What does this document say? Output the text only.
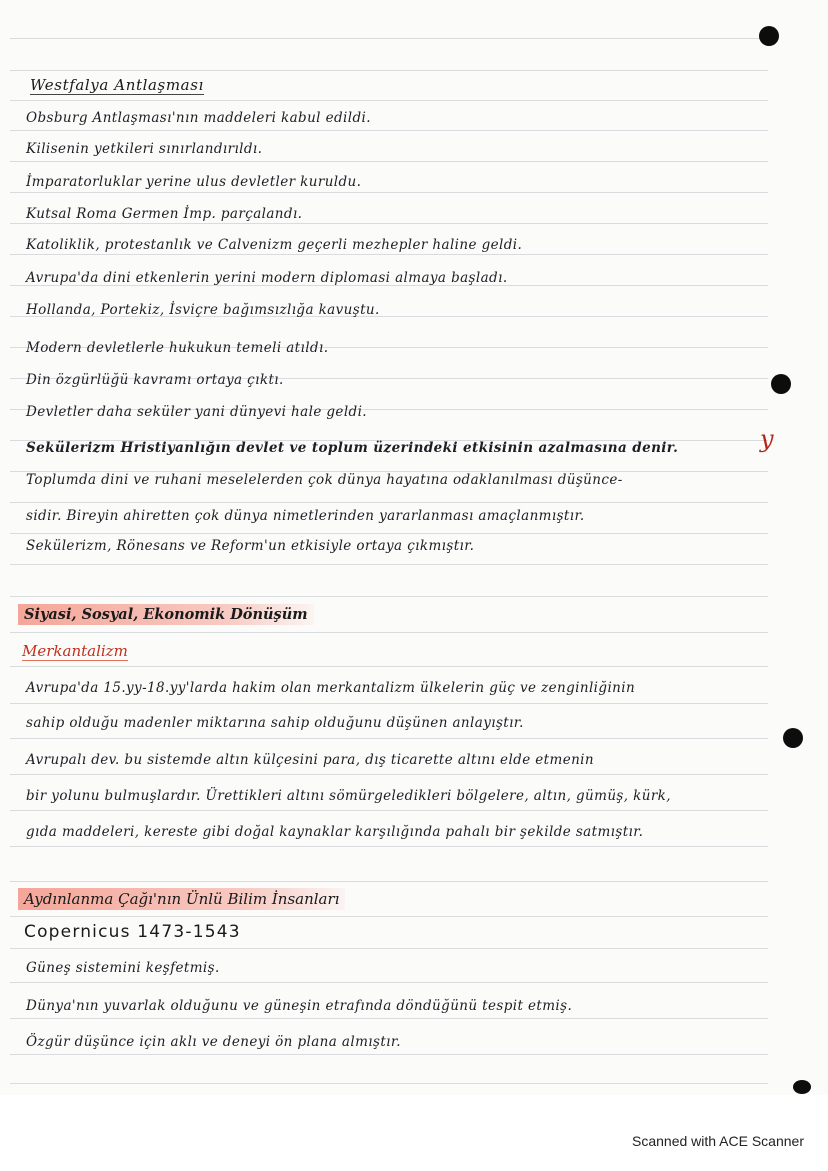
Westfalya Antlaşması
Obsburg Antlaşması'nın maddeleri kabul edildi.
Kilisenin yetkileri sınırlandırıldı.
İmparatorluklar yerine ulus devletler kuruldu.
Kutsal Roma Germen İmp. parçalandı.
Katoliklik, protestanlık ve Calvenizm geçerli mezhepler haline geldi.
Avrupa'da dini etkenlerin yerini modern diplomasi almaya başladı.
Hollanda, Portekiz, İsviçre bağımsızlığa kavuştu.
Modern devletlerle hukukun temeli atıldı.
Din özgürlüğü kavramı ortaya çıktı.
Devletler daha seküler yani dünyevi hale geldi.
Sekülerizm Hristiyanlığın devlet ve toplum üzerindeki etkisinin azalmasına denir.
Toplumda dini ve ruhani meselelerden çok dünya hayatına odaklanılması düşünce-
sidir. Bireyin ahiretten çok dünya nimetlerinden yararlanması amaçlanmıştır.
Sekülerizm, Rönesans ve Reform'un etkisiyle ortaya çıkmıştır.
y
Siyasi, Sosyal, Ekonomik Dönüşüm
Merkantalizm
Avrupa'da 15.yy-18.yy'larda hakim olan merkantalizm ülkelerin güç ve zenginliğinin
sahip olduğu madenler miktarına sahip olduğunu düşünen anlayıştır.
Avrupalı dev. bu sistemde altın külçesini para, dış ticarette altını elde etmenin
bir yolunu bulmuşlardır. Ürettikleri altını sömürgeledikleri bölgelere, altın, gümüş, kürk,
gıda maddeleri, kereste gibi doğal kaynaklar karşılığında pahalı bir şekilde satmıştır.
Aydınlanma Çağı'nın Ünlü Bilim İnsanları
Copernicus 1473-1543
Güneş sistemini keşfetmiş.
Dünya'nın yuvarlak olduğunu ve güneşin etrafında döndüğünü tespit etmiş.
Özgür düşünce için aklı ve deneyi ön plana almıştır.
Scanned with ACE Scanner
